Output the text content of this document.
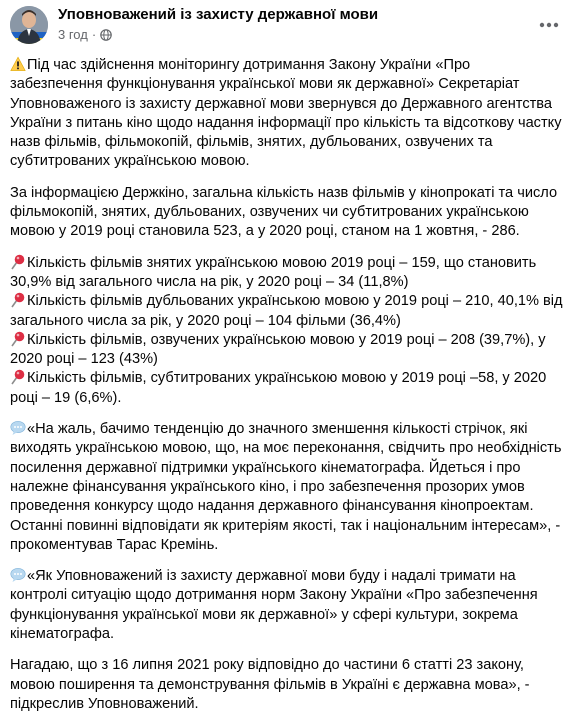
Уповноважений із захисту державної мови
3 год ·

Під час здійснення моніторингу дотримання Закону України «Про забезпечення функціонування української мови як державної» Секретаріат Уповноваженого із захисту державної мови звернувся до Державного агентства України з питань кіно щодо надання інформації про кількість та відсоткову частку назв фільмів, фільмокопій, фільмів, знятих, дубльованих, озвучених та субтитрованих українською мовою.

За інформацією Держкіно, загальна кількість назв фільмів у кінопрокаті та число фільмокопій, знятих, дубльованих, озвучених чи субтитрованих українською мовою у 2019 році становила 523, а у 2020 році, станом на 1 жовтня, - 286.

Кількість фільмів знятих українською мовою 2019 році – 159, що становить 30,9% від загального числа на рік, у 2020 році – 34 (11,8%)

Кількість фільмів дубльованих українською мовою у 2019 році – 210, 40,1% від загального числа за рік, у 2020 році – 104 фільми (36,4%)

Кількість фільмів, озвучених українською мовою у 2019 році – 208 (39,7%), у 2020 році – 123 (43%)

Кількість фільмів, субтитрованих українською мовою у 2019 році –58, у 2020 році – 19 (6,6%).

«На жаль, бачимо тенденцію до значного зменшення кількості стрічок, які виходять українською мовою, що, на моє переконання, свідчить про необхідність посилення державної підтримки українського кінематографа. Йдеться і про належне фінансування українського кіно, і про забезпечення прозорих умов проведення конкурсу щодо надання державного фінансування кінопроектам. Останні повинні відповідати як критеріям якості, так і національним інтересам», - прокоментував Тарас Кремінь.

«Як Уповноважений із захисту державної мови буду і надалі тримати на контролі ситуацію щодо дотримання норм Закону України «Про забезпечення функціонування української мови як державної» у сфері культури, зокрема кінематографа.

Нагадаю, що з 16 липня 2021 року відповідно до частини 6 статті 23 закону, мовою поширення та демонстрування фільмів в Україні є державна мова», - підкреслив Уповноважений.
